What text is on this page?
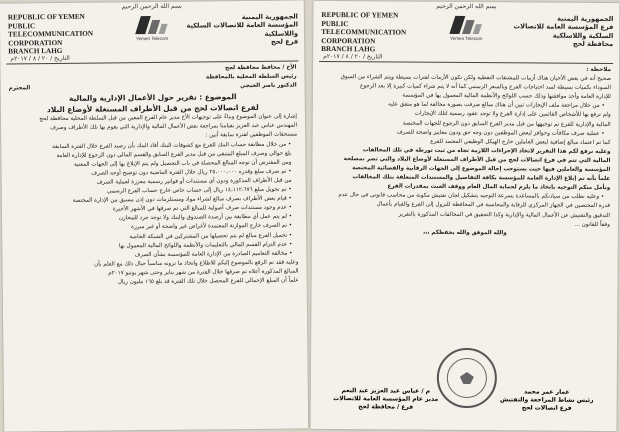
بسم الله الرحمن الرحيم
REPUBLIC OF YEMEN
PUBLIC TELECOMMUNICATION
CORPORATION
BRANCH LAHG
Yemen Telecom
الجمهورية اليمنية
المؤسسة العامة للاتصالات السلكية واللاسلكية
فرع لحج
التاريخ / ٢٠ / ٨ / ٢٠١٧م

الأخ / محافظ محافظة لحج

رئيس السلطة المحلية بالمحافظة

الدكتور ناصر الخبجي

المحترم

الموضوع : تقرير حول الأعمال الإدارية والمالية

لفرع اتصالات لحج من قبل الأطراف المستغلة لأوضاع البلاد

إشارة إلى عنوان الموضوع وبناءً على توجيهات الأخ مدير عام الفرع المعين من قبل السلطة المحلية محافظة لحج

المهندس عباس عبد العزيز بقيامنا بمراجعة بعض الأعمال المالية والإدارية التي يقوم بها تلك الأطراف وصرف

مستحقات الموظفين لفترة سابقة أبين :

• من خلال مطابقة حساب البنك للفرع مع كشوفات البنك أفاد البنك بأن رصيد الفرع خلال الفترة السابقة

بلغ حوالي وصرف المبلغ المتبقي من قبل مدير الفرع السابق والقسم المالي دون الرجوع للإدارة العامة

ومن المفترض أن توجه المبالغ المحصلة في باب التحصيل ولم يتم الإبلاغ بها إلى الجهات المعنية

• تم صرف مبلغ وقدره ٢٥،٠٠٠،٠٠٠ ريال خلال الفترة الماضية دون توضيح أوجه الصرف

من قبل الأطراف المذكورة ودون أي مستندات أو فواتير رسمية معززة لعملية الصرف

• تم تحويل مبلغ ١٤،١١٢،٦٧٦ ريال إلى حساب خاص خارج حساب الفرع الرسمي

• قيام بعض الأطراف بصرف مبالغ لشراء مواد ومستلزمات دون إذن مسبق من الإدارة المختصة

• عدم وجود مستندات صرف أصولية للمبالغ التي تم صرفها في الأشهر الأخيرة

• لم يتم عمل أي مطابقة بين أرصدة الصندوق والبنك ولا توجد جرد للمخازن

• تم الصرف خارج الموازنة المعتمدة لأغراض غير واضحة أو غير مبررة

• تحميل الفرع مبالغ لم يتم تحصيلها من المشتركين في الشبكة الخاصة

• عدم التزام القسم المالي بالتعليمات والأنظمة واللوائح المالية المعمول بها

• مخالفة التعاميم الصادرة من الإدارة العامة للمؤسسة بشأن الصرف

وعليه فقد تم الرفع بالموضوع إليكم للاطلاع واتخاذ ما ترونه مناسباً حيال ذلك مع العلم بأن

المبالغ المذكورة أعلاه تم صرفها خلال الفترة من شهر يناير وحتى شهر يونيو ٢٠١٧م

علماً أن المبلغ الإجمالي للفرع المحصل خلال تلك الفترة قد بلغ ١٦٥ مليون ريال

بسم الله الرحمن الرحيم
REPUBLIC OF YEMEN
PUBLIC TELECOMMUNICATION
CORPORATION
BRANCH LAHG
Yemen Telecom
الجمهورية اليمنية
فرع المؤسسة العامة للاتصالات السلكية واللاسلكية
محافظة لحج
التاريخ / ٢٠ / ٨ / ٢٠١٧م

ملاحظة :

صحيح أنه في بعض الأحيان هناك أزمات للمشتقات النفطية ولكن تكون الأزمات لفترات بسيطة ويتم الشراء من السوق

السوداء بكميات بسيطة لسد احتياجات الفرع وبالسعر الرسمي كما أنه لا يتم شراء كميات كبيرة إلا بعد الرجوع

للإدارة العامة وأخذ موافقتها وذلك حسب اللوائح والأنظمة المالية المعمول بها في المؤسسة

• من خلال مراجعة ملف الإيجارات تبين أن هناك مبالغ صرفت بصورة مخالفة لما هو متفق عليه

ولم ترفع بها للأشخاص القائمين على إدارة الفرع ولا توجد عقود رسمية لتلك الإيجارات

المالية والإدارية للفرع تم توجيهها من قبل مدير الفرع السابق دون الرجوع للجهات المختصة

• عملية صرف مكافآت وحوافز لبعض الموظفين دون وجه حق ودون معايير واضحة للصرف

كما تم اعتماد مبالغ إضافية لبعض العاملين خارج الهيكل الوظيفي المعتمد للفرع

وعليه نرفع لكم هذا التقرير لاتخاذ الإجراءات اللازمة تجاه من ثبت تورطه في تلك المخالفات

المالية التي تتم في فرع اتصالات لحج من قبل الأطراف المستغلة لأوضاع البلاد والتي تضر بمصلحة

المؤسسة والعاملين فيها حيث يستوجب إحالة الموضوع إلى الجهات الرقابية والقضائية المختصة

علماً بأنه تم إبلاغ الإدارة العامة للمؤسسة بكافة التفاصيل والمستندات المتعلقة بتلك المخالفات

ونأمل منكم التوجيه باتخاذ ما يلزم لحماية المال العام ووقف العبث بمقدرات الفرع

• وعليه نطلب من سيادتكم بالمساعدة بسرعة التوجيه بتشكيل لجان تفتيش مكونة من محاسب قانوني في حال عدم

قدرة المختصين في الجهاز المركزي للرقابة والمحاسبة في المحافظة للنزول إلى الفرع والقيام بأعمال

التدقيق والتفتيش عن الأعمال المالية والإدارية وكذا التحقيق في المخالفات المذكورة بالتقرير

وفقاً للقانون ...

والله الموفق والله يحفظكم ،،،

م / عباس عبد العزيز عبد النعم
مدير عام المؤسسة العامة للاتصالات
فرع / محافظة لحج
عمار عمر محمد
رئيس نشاط المراجعة والتفتيش
فرع اتصالات لحج
